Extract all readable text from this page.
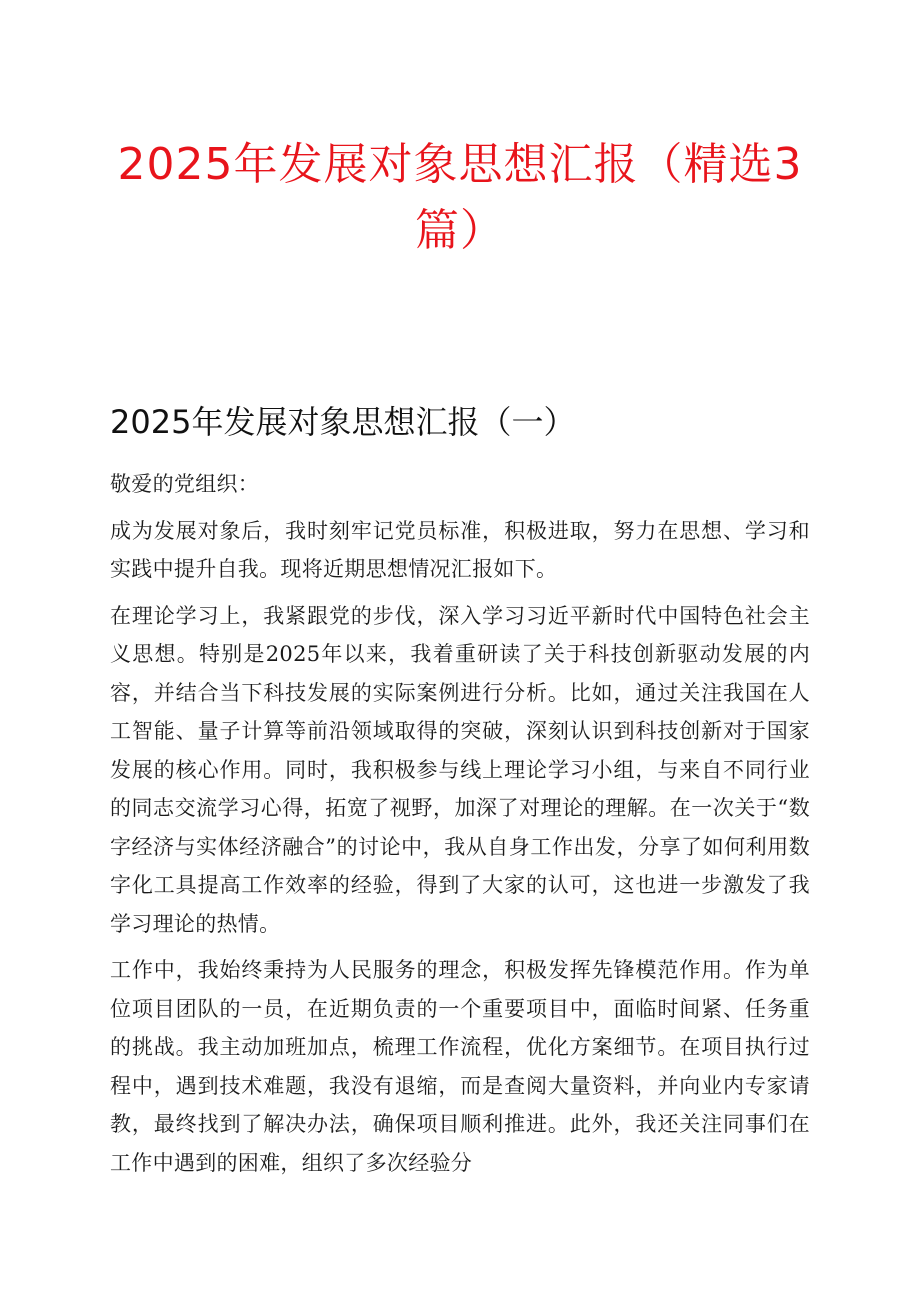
2025年发展对象思想汇报（精选3篇）
2025年发展对象思想汇报（一）

敬爱的党组织：

成为发展对象后，我时刻牢记党员标准，积极进取，努力在思想、学习和实践中提升自我。现将近期思想情况汇报如下。

在理论学习上，我紧跟党的步伐，深入学习习近平新时代中国特色社会主义思想。特别是2025年以来，我着重研读了关于科技创新驱动发展的内容，并结合当下科技发展的实际案例进行分析。比如，通过关注我国在人工智能、量子计算等前沿领域取得的突破，深刻认识到科技创新对于国家发展的核心作用。同时，我积极参与线上理论学习小组，与来自不同行业的同志交流学习心得，拓宽了视野，加深了对理论的理解。在一次关于“数字经济与实体经济融合”的讨论中，我从自身工作出发，分享了如何利用数字化工具提高工作效率的经验，得到了大家的认可，这也进一步激发了我学习理论的热情。

工作中，我始终秉持为人民服务的理念，积极发挥先锋模范作用。作为单位项目团队的一员，在近期负责的一个重要项目中，面临时间紧、任务重的挑战。我主动加班加点，梳理工作流程，优化方案细节。在项目执行过程中，遇到技术难题，我没有退缩，而是查阅大量资料，并向业内专家请教，最终找到了解决办法，确保项目顺利推进。此外，我还关注同事们在工作中遇到的困难，组织了多次经验分
